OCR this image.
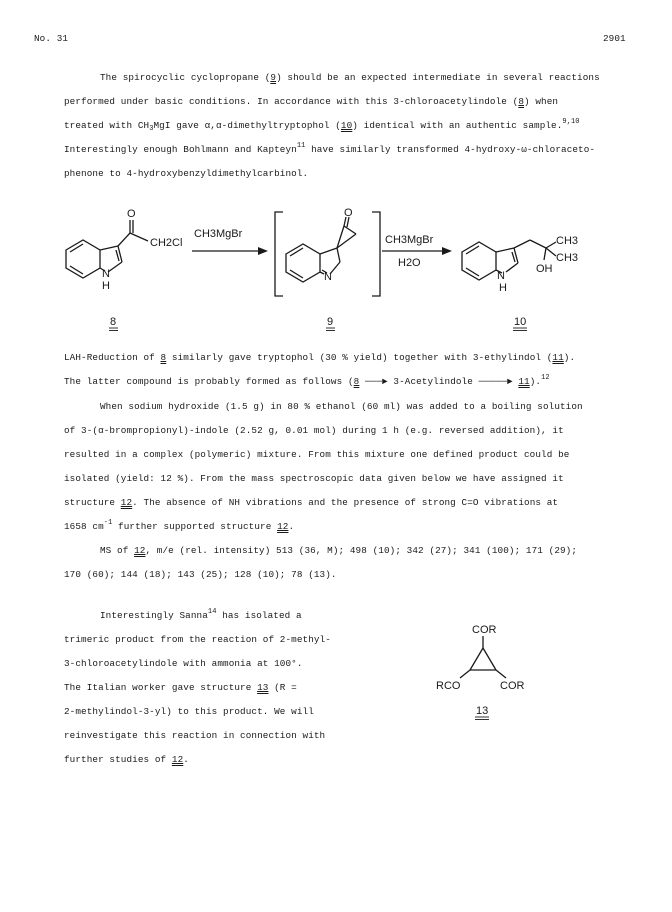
No. 31	2901
The spirocyclic cyclopropane (9) should be an expected intermediate in several reactions
performed under basic conditions. In accordance with this 3-chloroacetylindole (8) when
treated with $CH_3MgI$ gave α,α-dimethyltryptophol (10) identical with an authentic sample.$^{9,10}$
Interestingly enough Bohlmann and Kapteyn$^{11}$ have similarly transformed 4-hydroxy-ω-chloraceto-
phenone to 4-hydroxybenzyldimethylcarbinol.
O
N
H
CH2Cl
CH3MgBr
O
N
CH3MgBr
H2O
N
H
CH3
CH3
OH
8	9	10
LAH-Reduction of 8 similarly gave tryptophol (30 % yield) together with 3-ethylindol (11).
The latter compound is probably formed as follows (8 ───► 3-Acetylindole ─────► 11).$^{12}$
When sodium hydroxide (1.5 g) in 80 % ethanol (60 ml) was added to a boiling solution
of 3-(α-brompropionyl)-indole (2.52 g, 0.01 mol) during 1 h (e.g. reversed addition), it
resulted in a complex (polymeric) mixture. From this mixture one defined product could be
isolated (yield: 12 %). From the mass spectroscopic data given below we have assigned it
structure 12. The absence of NH vibrations and the presence of strong C=O vibrations at
1658 $cm^{-1}$ further supported structure 12.
MS of 12, m/e (rel. intensity) 513 (36, M); 498 (10); 342 (27); 341 (100); 171 (29);
170 (60); 144 (18); 143 (25); 128 (10); 78 (13).
Interestingly Sanna$^{14}$ has isolated a
trimeric product from the reaction of 2-methyl-
3-chloroacetylindole with ammonia at 100°.
The Italian worker gave structure 13 (R =
2-methylindol-3-yl) to this product. We will
reinvestigate this reaction in connection with
further studies of 12.
COR
RCO	COR
13
